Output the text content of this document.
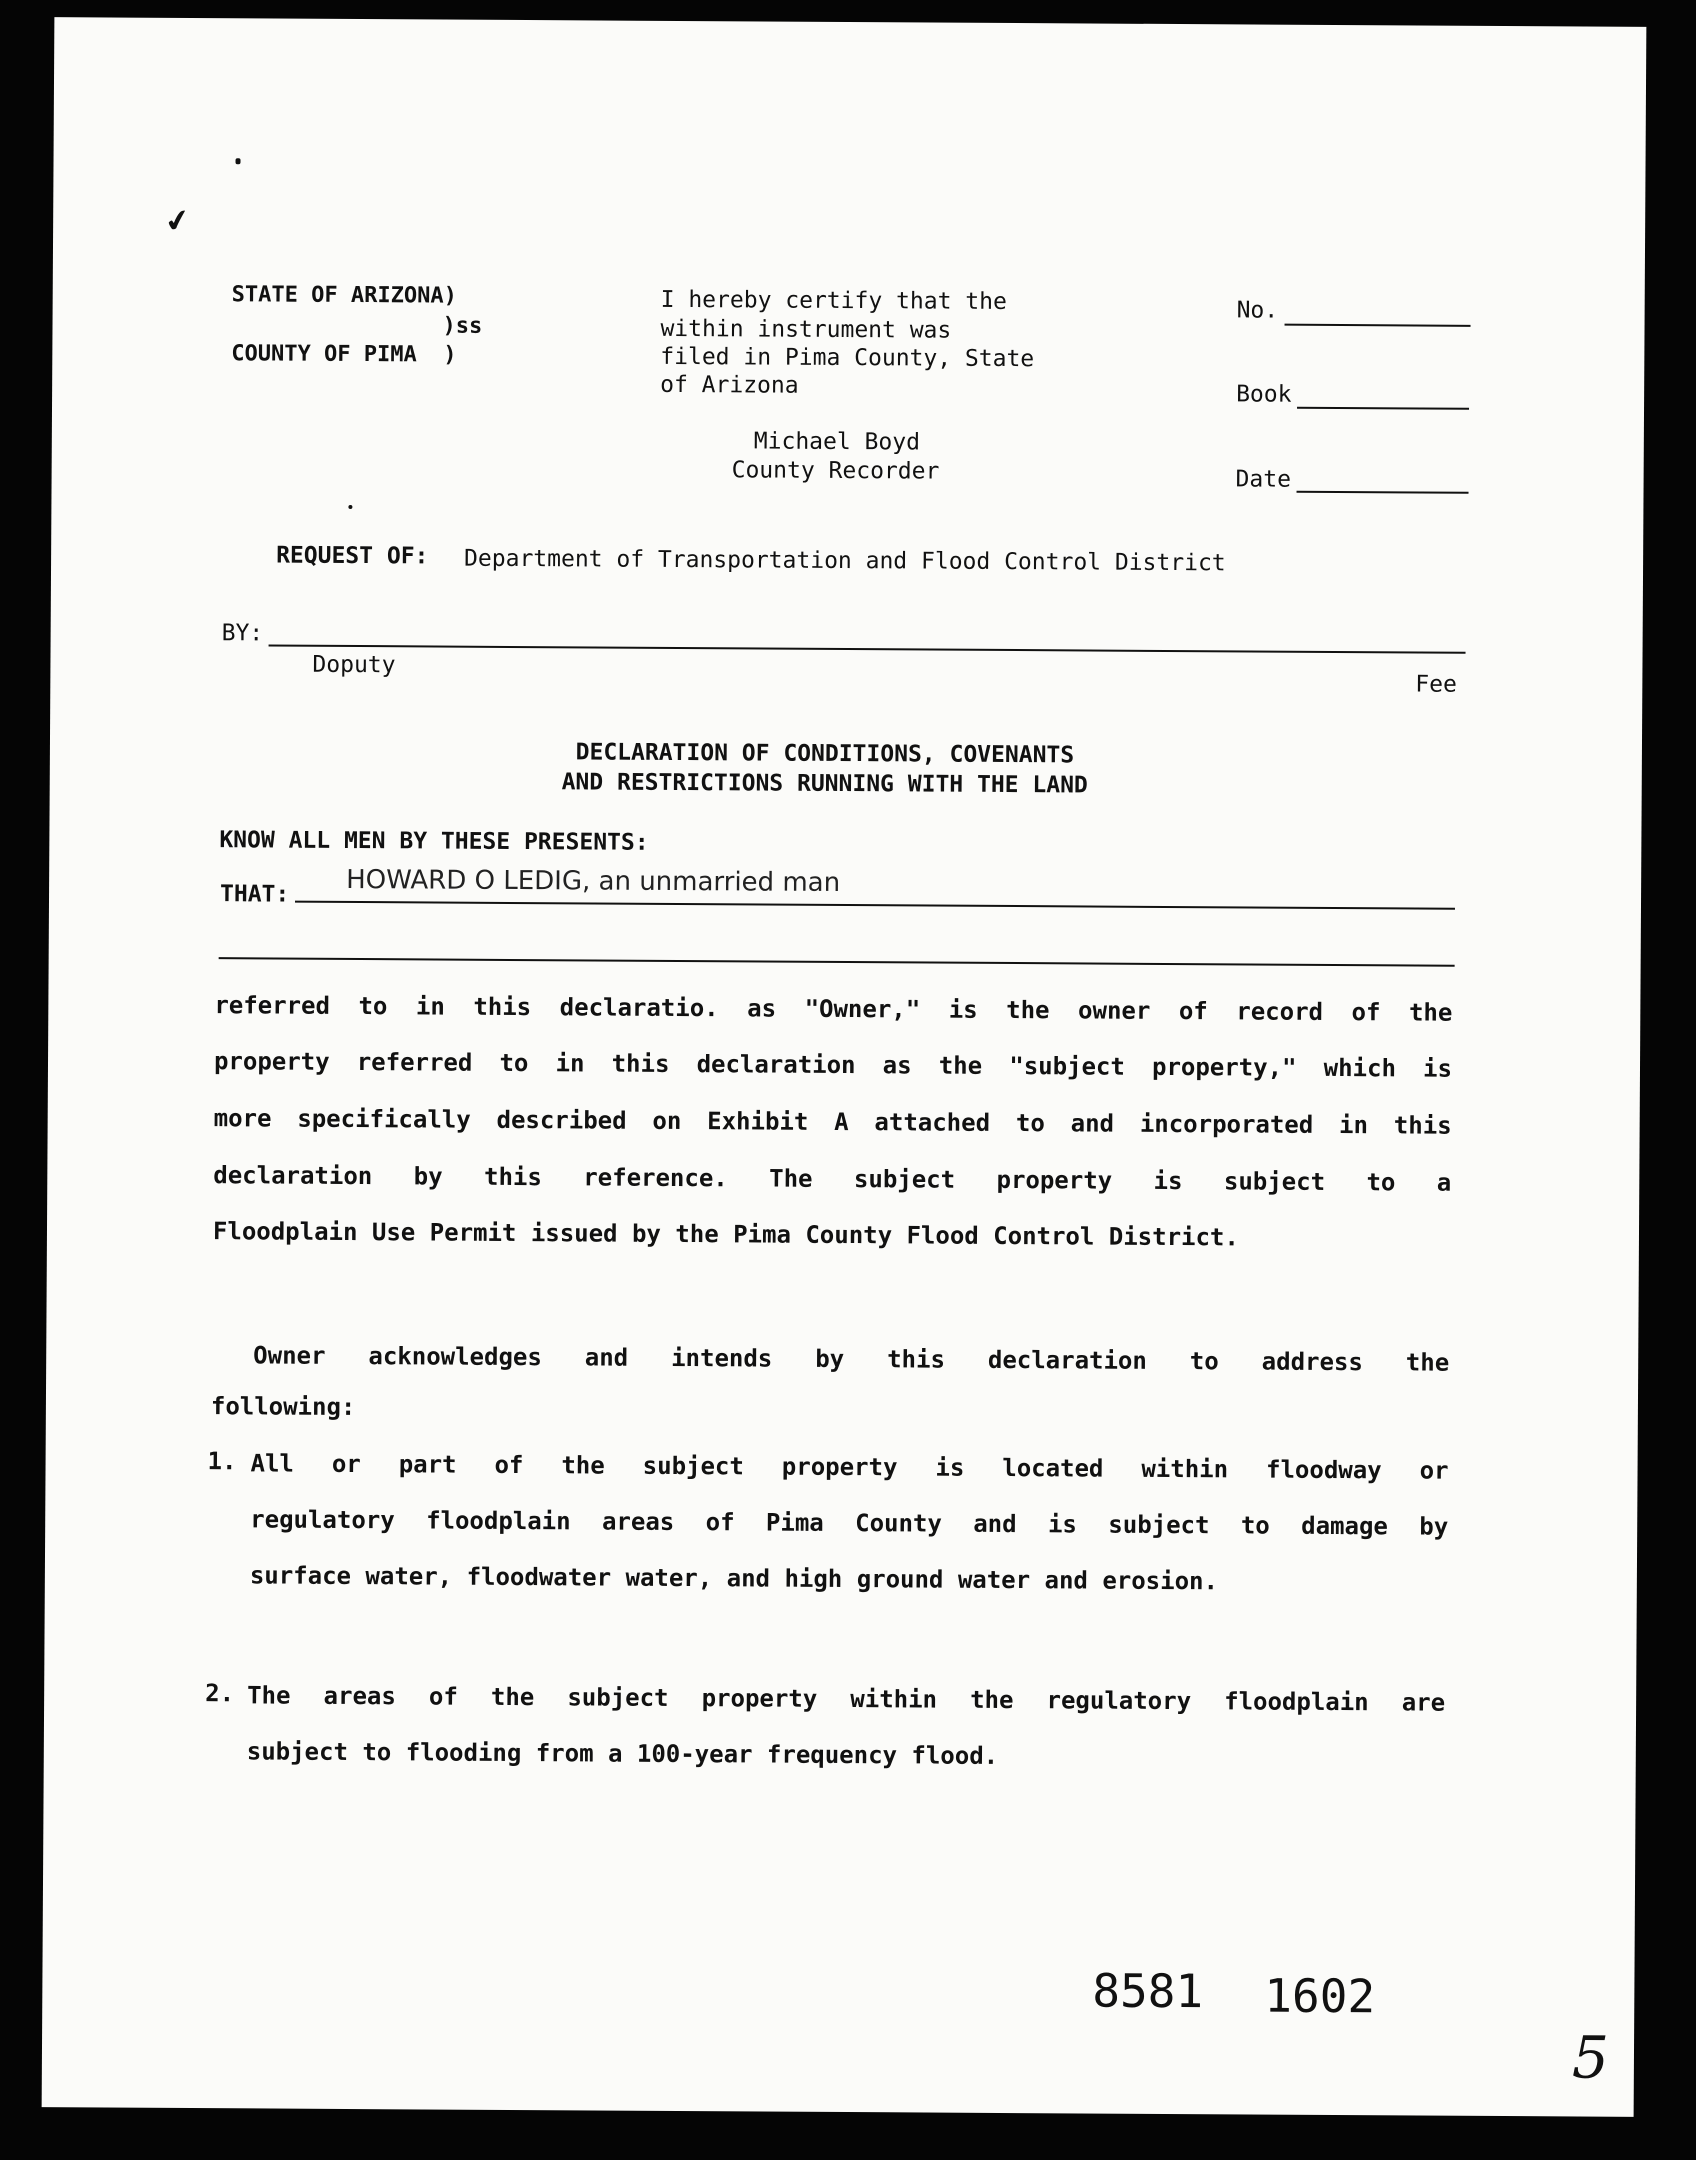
✔
STATE OF ARIZONA)
)ss
COUNTY OF PIMA  )
I hereby certify that the
within instrument was
filed in Pima County, State
of Arizona
Michael Boyd
County Recorder
No.
Book
Date
REQUEST OF: Department of Transportation and Flood Control District
BY:
Doputy
Fee
DECLARATION OF CONDITIONS, COVENANTS
AND RESTRICTIONS RUNNING WITH THE LAND
KNOW ALL MEN BY THESE PRESENTS:
THAT: HOWARD O LEDIG, an unmarried man
referred to in this declaratio. as "Owner," is the owner of record of the
property referred to in this declaration as the "subject property," which is
more specifically described on Exhibit A attached to and incorporated in this
declaration by this reference. The subject property is subject to a
Floodplain Use Permit issued by the Pima County Flood Control District.
Owner acknowledges and intends by this declaration to address the
following:
1. All or part of the subject property is located within floodway or
regulatory floodplain areas of Pima County and is subject to damage by
surface water, floodwater water, and high ground water and erosion.
2. The areas of the subject property within the regulatory floodplain are
subject to flooding from a 100-year frequency flood.
8581 1602
5
